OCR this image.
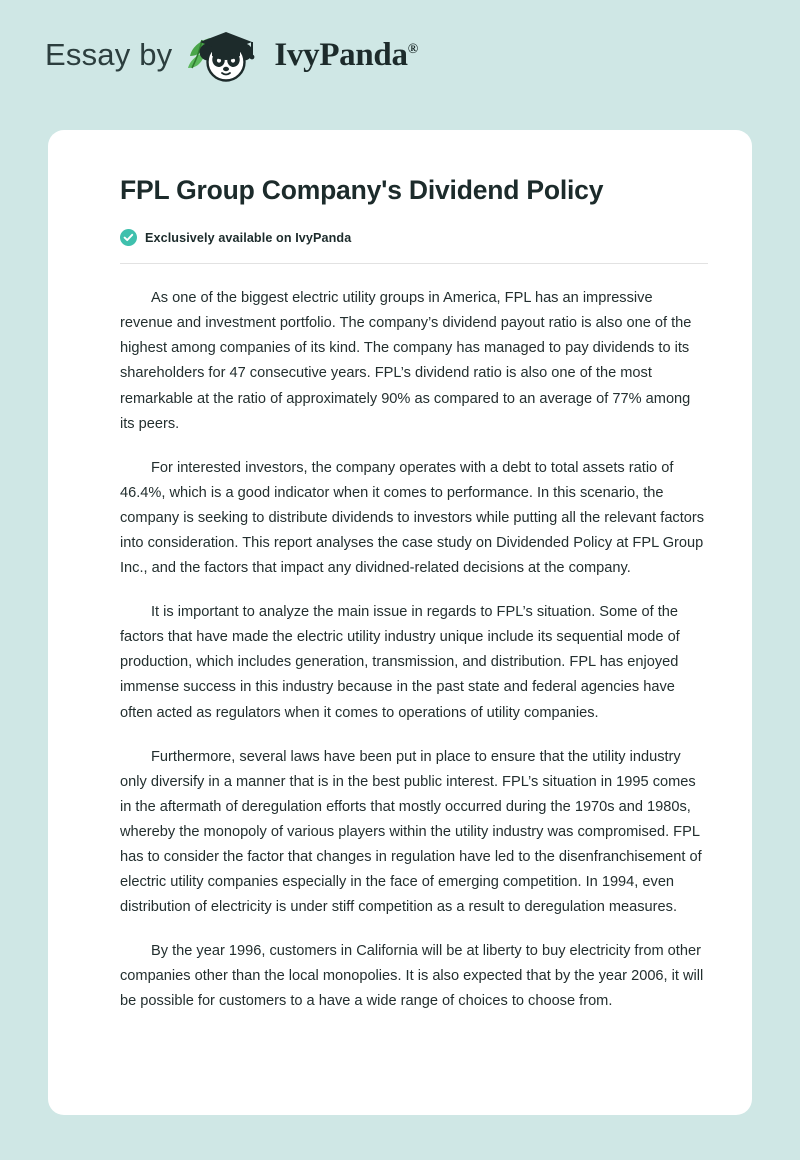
Essay by	IvyPanda®
FPL Group Company's Dividend Policy
Exclusively available on IvyPanda

As one of the biggest electric utility groups in America, FPL has an impressive revenue and investment portfolio. The company’s dividend payout ratio is also one of the highest among companies of its kind. The company has managed to pay dividends to its shareholders for 47 consecutive years. FPL’s dividend ratio is also one of the most remarkable at the ratio of approximately 90% as compared to an average of 77% among its peers.

For interested investors, the company operates with a debt to total assets ratio of 46.4%, which is a good indicator when it comes to performance. In this scenario, the company is seeking to distribute dividends to investors while putting all the relevant factors into consideration. This report analyses the case study on Dividended Policy at FPL Group Inc., and the factors that impact any dividned-related decisions at the company.

It is important to analyze the main issue in regards to FPL’s situation. Some of the factors that have made the electric utility industry unique include its sequential mode of production, which includes generation, transmission, and distribution. FPL has enjoyed immense success in this industry because in the past state and federal agencies have often acted as regulators when it comes to operations of utility companies.

Furthermore, several laws have been put in place to ensure that the utility industry only diversify in a manner that is in the best public interest. FPL’s situation in 1995 comes in the aftermath of deregulation efforts that mostly occurred during the 1970s and 1980s, whereby the monopoly of various players within the utility industry was compromised. FPL has to consider the factor that changes in regulation have led to the disenfranchisement of electric utility companies especially in the face of emerging competition. In 1994, even distribution of electricity is under stiff competition as a result to deregulation measures.

By the year 1996, customers in California will be at liberty to buy electricity from other companies other than the local monopolies. It is also expected that by the year 2006, it will be possible for customers to a have a wide range of choices to choose from.
